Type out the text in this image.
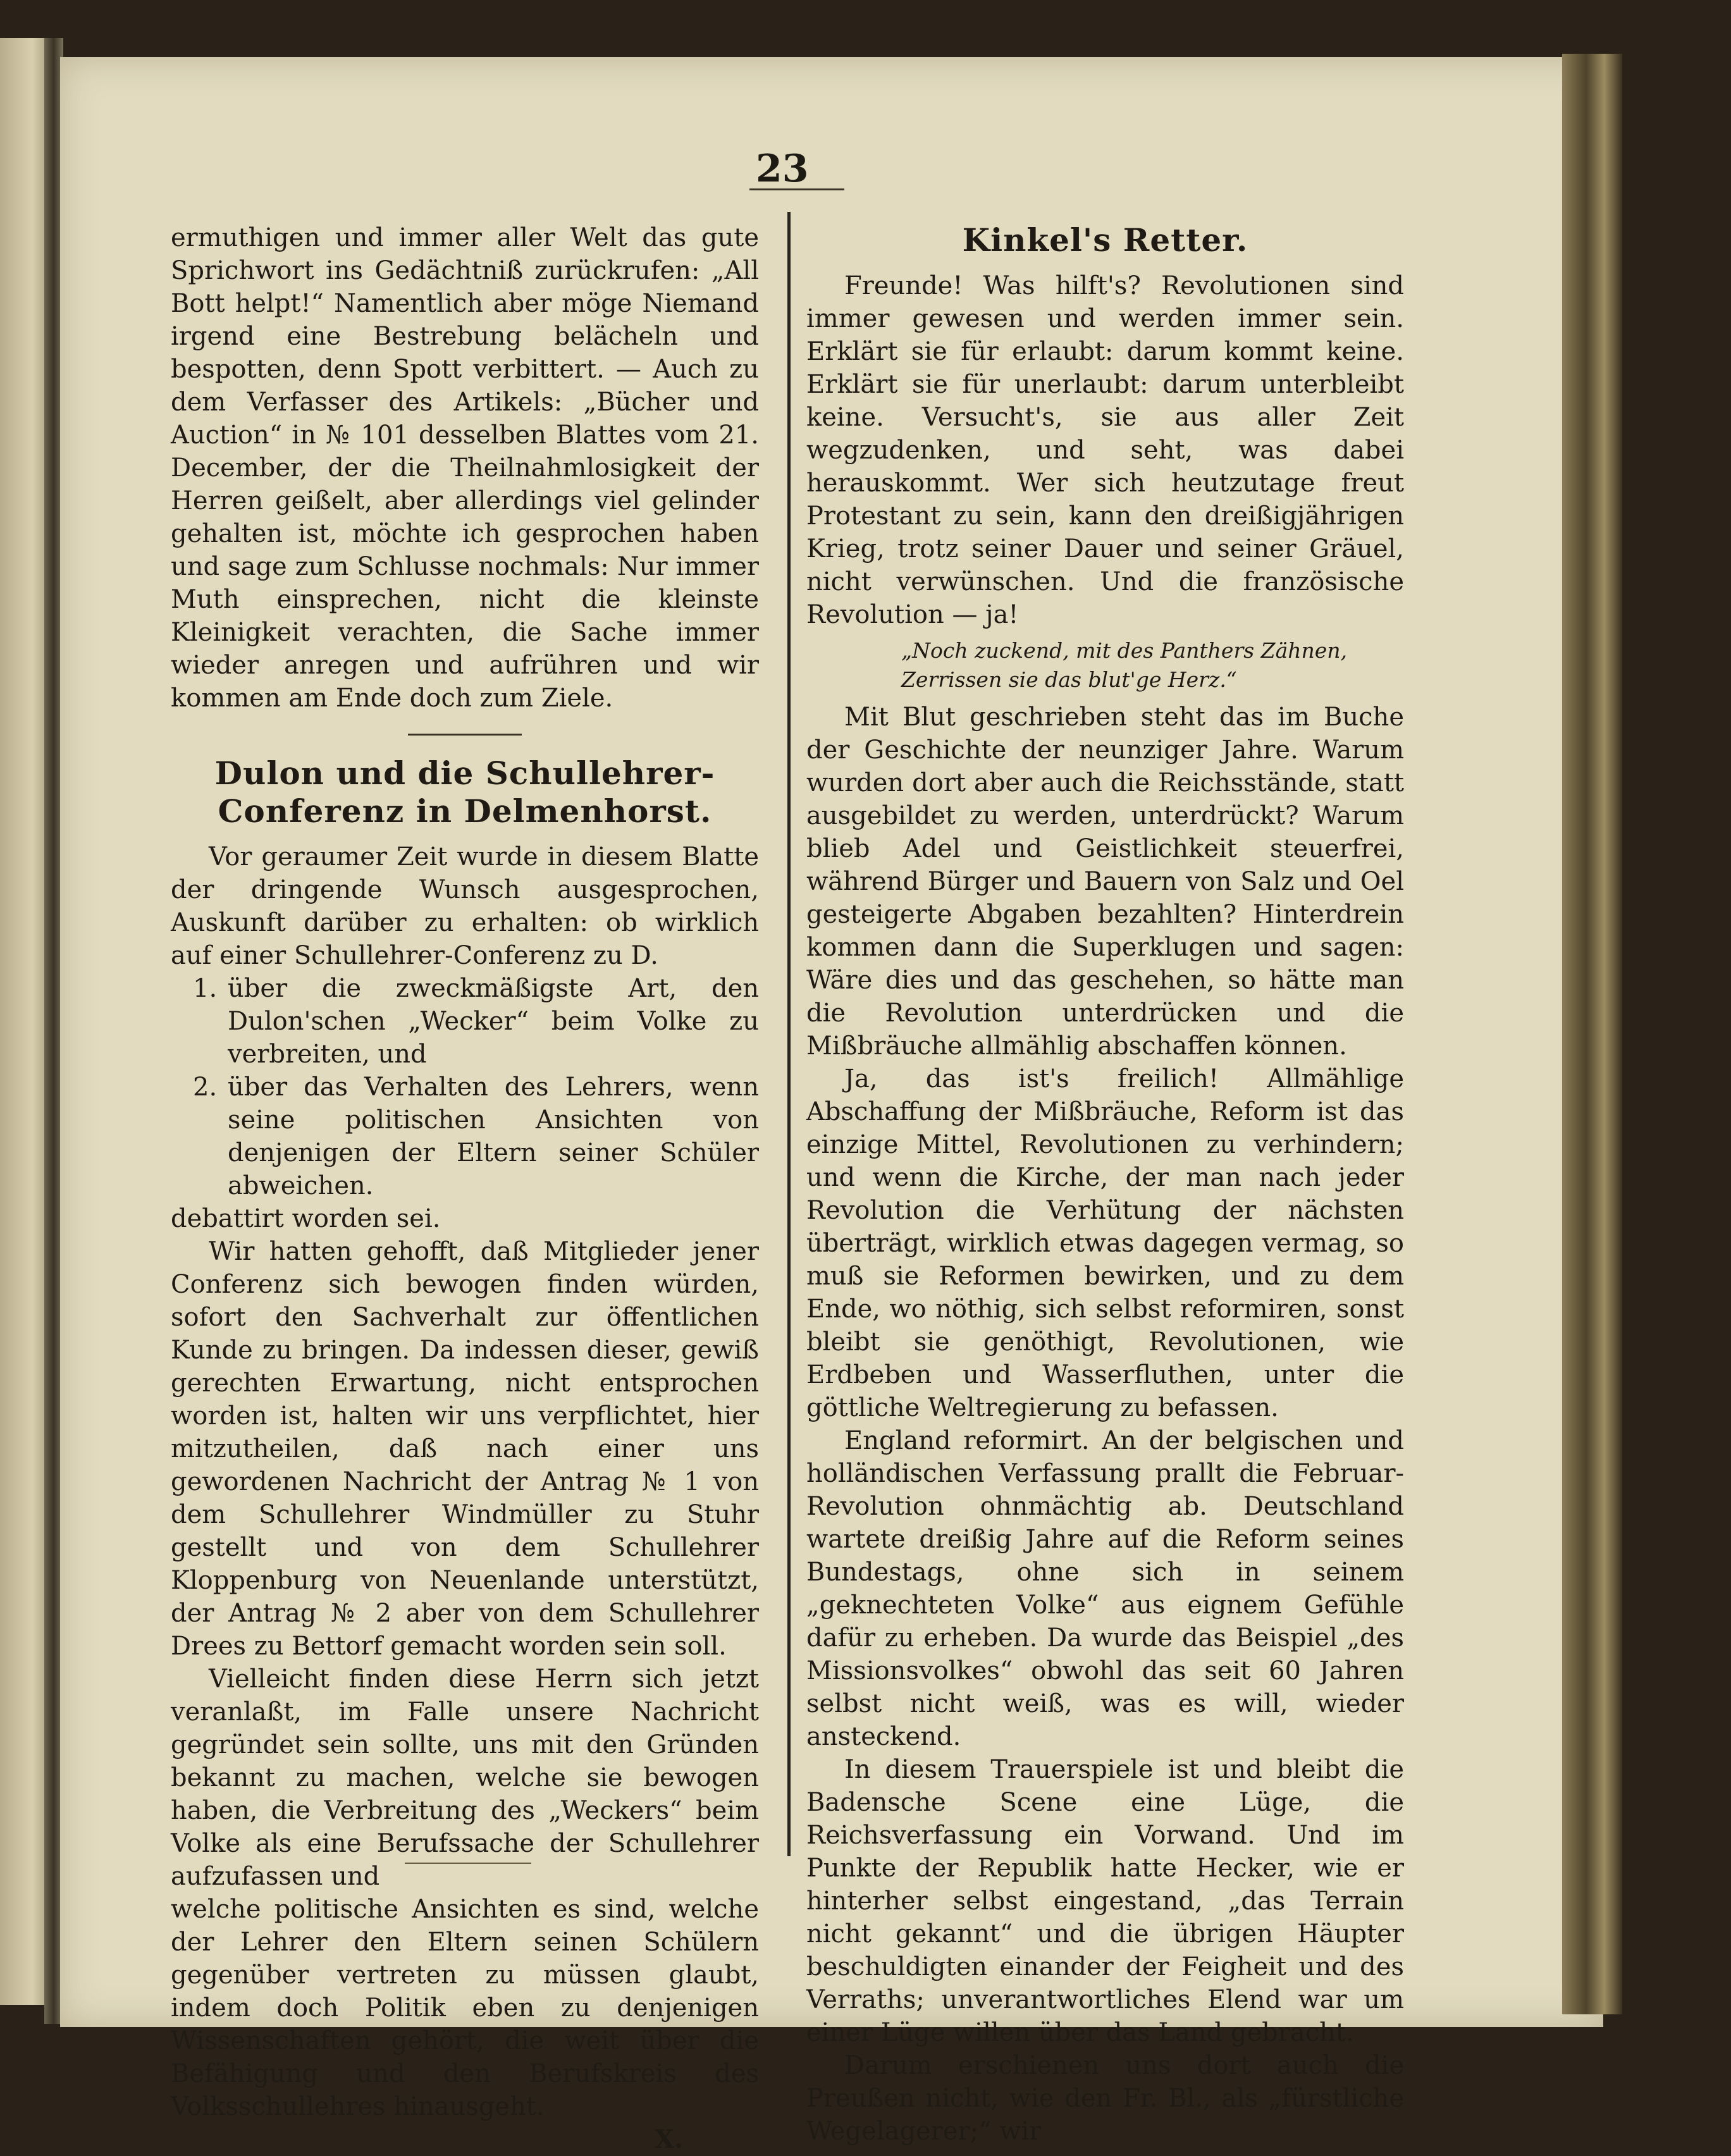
23

ermuthigen und immer aller Welt das gute Sprichwort ins Gedächtniß zurückrufen: „All Bott helpt!“ Namentlich aber möge Niemand irgend eine Bestrebung belächeln und bespotten, denn Spott verbittert. — Auch zu dem Verfasser des Artikels: „Bücher und Auction“ in № 101 desselben Blattes vom 21. December, der die Theilnahmlosigkeit der Herren geißelt, aber allerdings viel gelinder gehalten ist, möchte ich gesprochen haben und sage zum Schlusse nochmals: Nur immer Muth einsprechen, nicht die kleinste Kleinigkeit verachten, die Sache immer wieder anregen und aufrühren und wir kommen am Ende doch zum Ziele.

Dulon und die Schullehrer-Conferenz in Delmenhorst.

Vor geraumer Zeit wurde in diesem Blatte der dringende Wunsch ausgesprochen, Auskunft darüber zu erhalten: ob wirklich auf einer Schullehrer-Conferenz zu D.

1. über die zweckmäßigste Art, den Dulon'schen „Wecker“ beim Volke zu verbreiten, und
2. über das Verhalten des Lehrers, wenn seine politischen Ansichten von denjenigen der Eltern seiner Schüler abweichen.

debattirt worden sei.

Wir hatten gehofft, daß Mitglieder jener Conferenz sich bewogen finden würden, sofort den Sachverhalt zur öffentlichen Kunde zu bringen. Da indessen dieser, gewiß gerechten Erwartung, nicht entsprochen worden ist, halten wir uns verpflichtet, hier mitzutheilen, daß nach einer uns gewordenen Nachricht der Antrag № 1 von dem Schullehrer Windmüller zu Stuhr gestellt und von dem Schullehrer Kloppenburg von Neuenlande unterstützt, der Antrag № 2 aber von dem Schullehrer Drees zu Bettorf gemacht worden sein soll.

Vielleicht finden diese Herrn sich jetzt veranlaßt, im Falle unsere Nachricht gegründet sein sollte, uns mit den Gründen bekannt zu machen, welche sie bewogen haben, die Verbreitung des „Weckers“ beim Volke als eine Berufssache der Schullehrer aufzufassen und

welche politische Ansichten es sind, welche der Lehrer den Eltern seinen Schülern gegenüber vertreten zu müssen glaubt, indem doch Politik eben zu denjenigen Wissenschaften gehört, die weit über die Befähigung und den Berufskreis des Volksschullehres hinausgeht.

X.
Kinkel's Retter.

Freunde! Was hilft's? Revolutionen sind immer gewesen und werden immer sein. Erklärt sie für erlaubt: darum kommt keine. Erklärt sie für unerlaubt: darum unterbleibt keine. Versucht's, sie aus aller Zeit wegzudenken, und seht, was dabei herauskommt. Wer sich heutzutage freut Protestant zu sein, kann den dreißigjährigen Krieg, trotz seiner Dauer und seiner Gräuel, nicht verwünschen. Und die französische Revolution — ja!

„Noch zuckend, mit des Panthers Zähnen,
Zerrissen sie das blut'ge Herz.“

Mit Blut geschrieben steht das im Buche der Geschichte der neunziger Jahre. Warum wurden dort aber auch die Reichsstände, statt ausgebildet zu werden, unterdrückt? Warum blieb Adel und Geistlichkeit steuerfrei, während Bürger und Bauern von Salz und Oel gesteigerte Abgaben bezahlten? Hinterdrein kommen dann die Superklugen und sagen: Wäre dies und das geschehen, so hätte man die Revolution unterdrücken und die Mißbräuche allmählig abschaffen können.

Ja, das ist's freilich! Allmählige Abschaffung der Mißbräuche, Reform ist das einzige Mittel, Revolutionen zu verhindern; und wenn die Kirche, der man nach jeder Revolution die Verhütung der nächsten überträgt, wirklich etwas dagegen vermag, so muß sie Reformen bewirken, und zu dem Ende, wo nöthig, sich selbst reformiren, sonst bleibt sie genöthigt, Revolutionen, wie Erdbeben und Wasserfluthen, unter die göttliche Weltregierung zu befassen.

England reformirt. An der belgischen und holländischen Verfassung prallt die Februar-Revolution ohnmächtig ab. Deutschland wartete dreißig Jahre auf die Reform seines Bundestags, ohne sich in seinem „geknechteten Volke“ aus eignem Gefühle dafür zu erheben. Da wurde das Beispiel „des Missionsvolkes“ obwohl das seit 60 Jahren selbst nicht weiß, was es will, wieder ansteckend.

In diesem Trauerspiele ist und bleibt die Badensche Scene eine Lüge, die Reichsverfassung ein Vorwand. Und im Punkte der Republik hatte Hecker, wie er hinterher selbst eingestand, „das Terrain nicht gekannt“ und die übrigen Häupter beschuldigten einander der Feigheit und des Verraths; unverantwortliches Elend war um einer Lüge willen über das Land gebracht.

Darum erschienen uns dort auch die Preußen nicht, wie den Fr. Bl., als „fürstliche Wegelagerer;“ wir
